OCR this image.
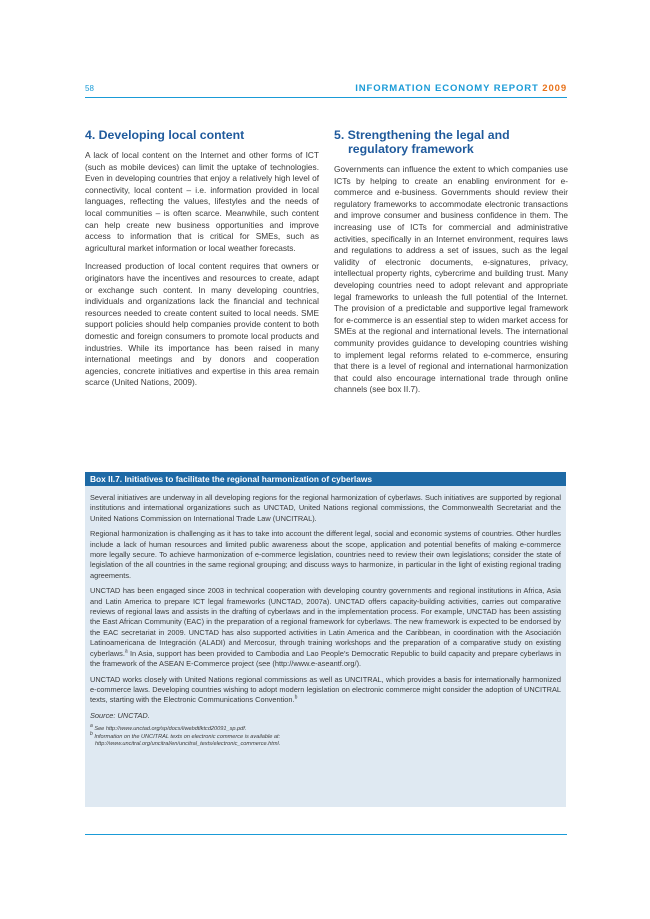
58	INFORMATION ECONOMY REPORT 2009
4. Developing local content

A lack of local content on the Internet and other forms of ICT (such as mobile devices) can limit the uptake of technologies. Even in developing countries that enjoy a relatively high level of connectivity, local content – i.e. information provided in local languages, reflecting the values, lifestyles and the needs of local communities – is often scarce. Meanwhile, such content can help create new business opportunities and improve access to information that is critical for SMEs, such as agricultural market information or local weather forecasts.

Increased production of local content requires that owners or originators have the incentives and resources to create, adapt or exchange such content. In many developing countries, individuals and organizations lack the financial and technical resources needed to create content suited to local needs. SME support policies should help companies provide content to both domestic and foreign consumers to promote local products and industries. While its importance has been raised in many international meetings and by donors and cooperation agencies, concrete initiatives and expertise in this area remain scarce (United Nations, 2009).

5. Strengthening the legal and
regulatory framework

Governments can influence the extent to which companies use ICTs by helping to create an enabling environment for e-commerce and e-business. Governments should review their regulatory frameworks to accommodate electronic transactions and improve consumer and business confidence in them. The increasing use of ICTs for commercial and administrative activities, specifically in an Internet environment, requires laws and regulations to address a set of issues, such as the legal validity of electronic documents, e-signatures, privacy, intellectual property rights, cybercrime and building trust. Many developing countries need to adopt relevant and appropriate legal frameworks to unleash the full potential of the Internet. The provision of a predictable and supportive legal framework for e-commerce is an essential step to widen market access for SMEs at the regional and international levels. The international community provides guidance to developing countries wishing to implement legal reforms related to e-commerce, ensuring that there is a level of regional and international harmonization that could also encourage international trade through online channels (see box II.7).

Box II.7. Initiatives to facilitate the regional harmonization of cyberlaws

Several initiatives are underway in all developing regions for the regional harmonization of cyberlaws. Such initiatives are supported by regional institutions and international organizations such as UNCTAD, United Nations regional commissions, the Commonwealth Secretariat and the United Nations Commission on International Trade Law (UNCITRAL).

Regional harmonization is challenging as it has to take into account the different legal, social and economic systems of countries. Other hurdles include a lack of human resources and limited public awareness about the scope, application and potential benefits of making e-commerce more legally secure. To achieve harmonization of e-commerce legislation, countries need to review their own legislations; consider the state of legislation of the all countries in the same regional grouping; and discuss ways to harmonize, in particular in the light of existing regional trading agreements.

UNCTAD has been engaged since 2003 in technical cooperation with developing country governments and regional institutions in Africa, Asia and Latin America to prepare ICT legal frameworks (UNCTAD, 2007a). UNCTAD offers capacity-building activities, carries out comparative reviews of regional laws and assists in the drafting of cyberlaws and in the implementation process. For example, UNCTAD has been assisting the East African Community (EAC) in the preparation of a regional framework for cyberlaws. The new framework is expected to be endorsed by the EAC secretariat in 2009. UNCTAD has also supported activities in Latin America and the Caribbean, in coordination with the Asociación Latinoamericana de Integración (ALADI) and Mercosur, through training workshops and the preparation of a comparative study on existing cyberlaws.$^a$ In Asia, support has been provided to Cambodia and Lao People’s Democratic Republic to build capacity and prepare cyberlaws in the framework of the ASEAN E-Commerce project (see (http://www.e-aseantf.org/).

UNCTAD works closely with United Nations regional commissions as well as UNCITRAL, which provides a basis for internationally harmonized e-commerce laws. Developing countries wishing to adopt modern legislation on electronic commerce might consider the adoption of UNCITRAL texts, starting with the Electronic Communications Convention.$^b$

Source: UNCTAD.

$^a$ See http://www.unctad.org/sp/docs/iiwebdtlktcd20091_sp.pdf.

$^b$ Information on the UNCITRAL texts on electronic commerce is available at:

http://www.uncitral.org/uncitral/en/uncitral_texts/electronic_commerce.html.
